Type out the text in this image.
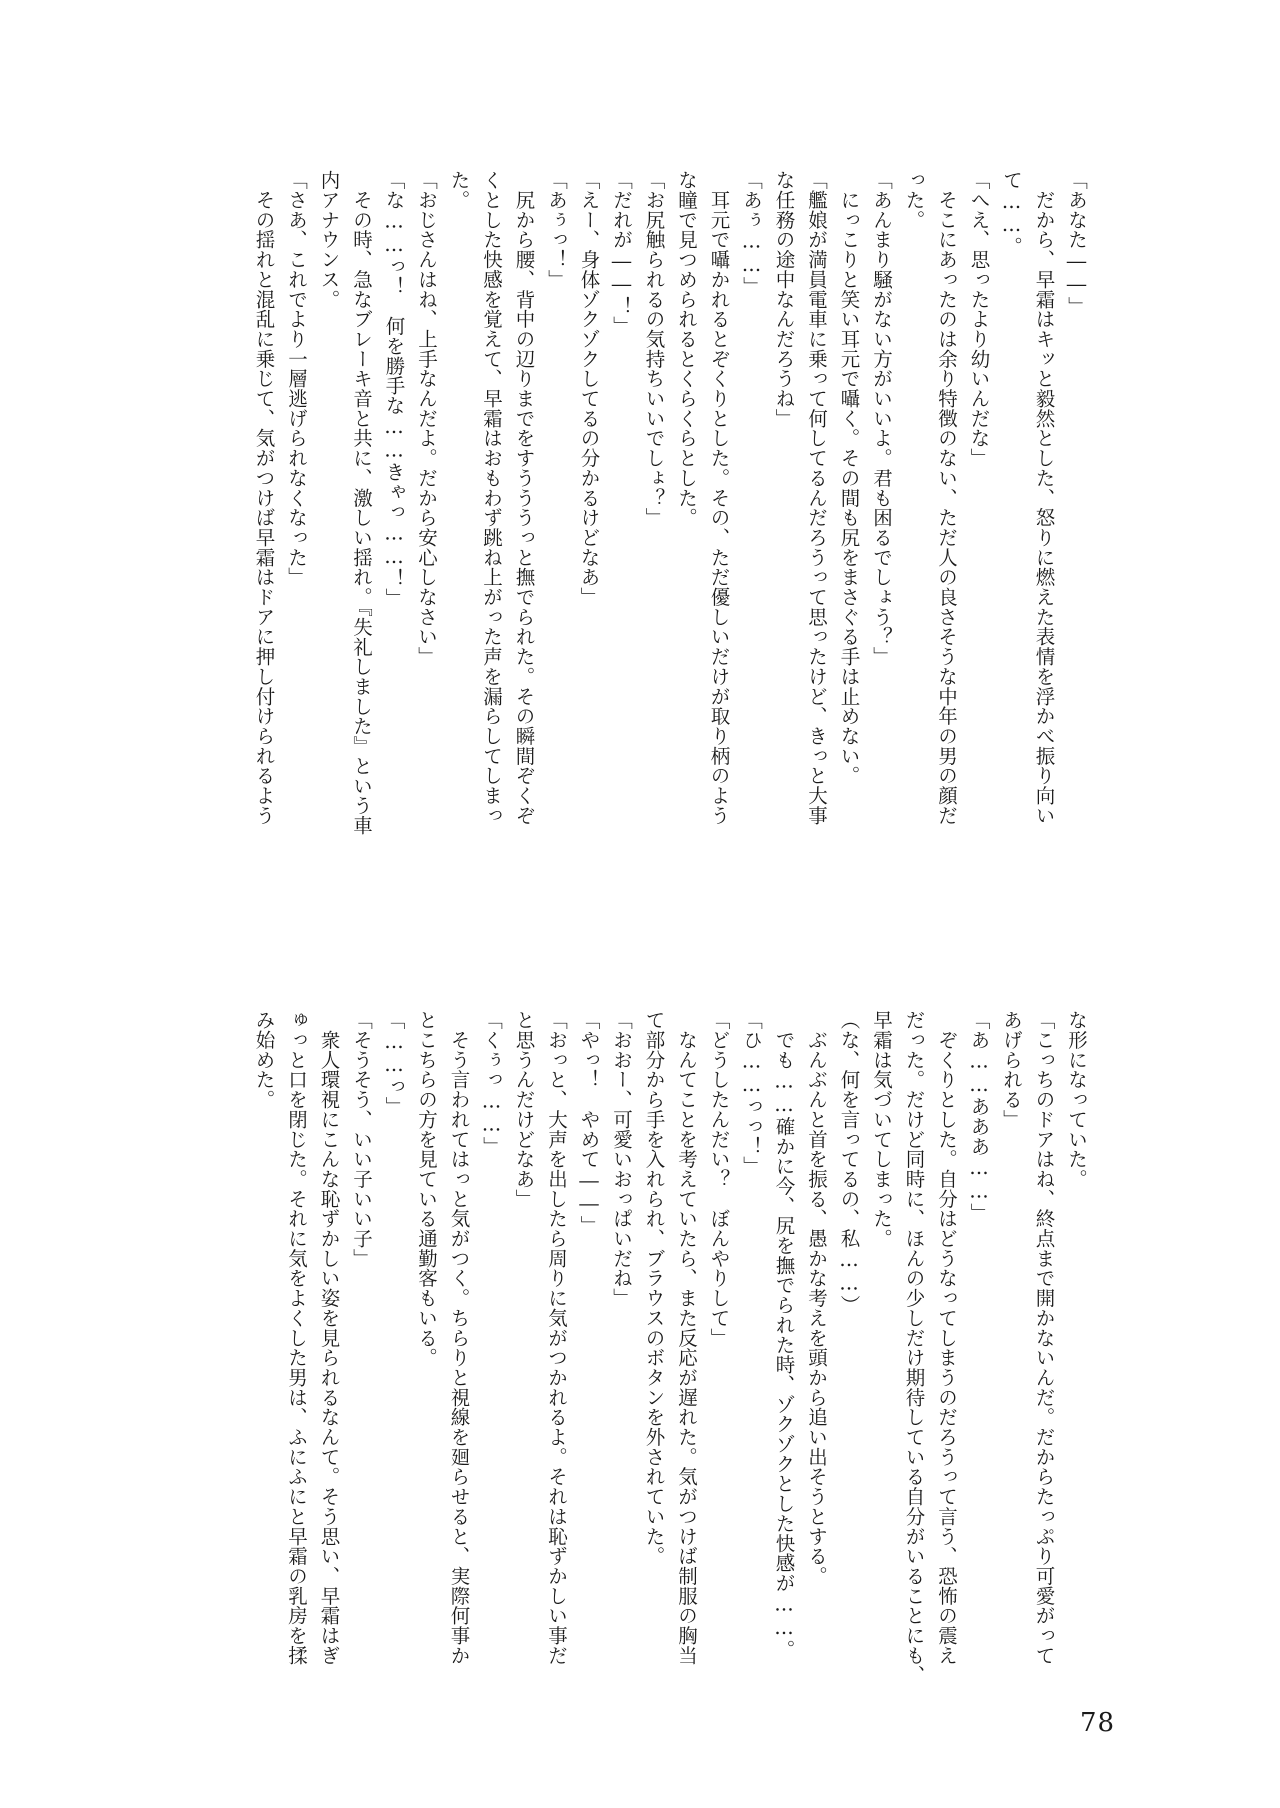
「あなた――」
　だから、早霜はキッと毅然とした、怒りに燃えた表情を浮かべ振り向い
て……。
「へえ、思ったより幼いんだな」
　そこにあったのは余り特徴のない、ただ人の良さそうな中年の男の顔だ
った。
「あんまり騒がない方がいいよ。君も困るでしょう？」
　にっこりと笑い耳元で囁く。その間も尻をまさぐる手は止めない。
「艦娘が満員電車に乗って何してるんだろうって思ったけど、きっと大事
な任務の途中なんだろうね」
「あぅ……」
　耳元で囁かれるとぞくりとした。その、ただ優しいだけが取り柄のよう
な瞳で見つめられるとくらくらとした。
「お尻触られるの気持ちいいでしょ？」
「だれが――！」
「えー、身体ゾクゾクしてるの分かるけどなあ」
「あぅっ！」
　尻から腰、背中の辺りまでをすうううっと撫でられた。その瞬間ぞくぞ
くとした快感を覚えて、早霜はおもわず跳ね上がった声を漏らしてしまっ
た。
「おじさんはね、上手なんだよ。だから安心しなさい」
「な……っ！　何を勝手な……きゃっ……！」
　その時、急なブレーキ音と共に、激しい揺れ。『失礼しました』という車
内アナウンス。
「さあ、これでより一層逃げられなくなった」
　その揺れと混乱に乗じて、気がつけば早霜はドアに押し付けられるよう
な形になっていた。
「こっちのドアはね、終点まで開かないんだ。だからたっぷり可愛がって
あげられる」
「あ……あああ……」
　ぞくりとした。自分はどうなってしまうのだろうって言う、恐怖の震え
だった。だけど同時に、ほんの少しだけ期待している自分がいることにも、
早霜は気づいてしまった。
（な、何を言ってるの、私……）
　ぶんぶんと首を振る、愚かな考えを頭から追い出そうとする。
　でも……確かに今、尻を撫でられた時、ゾクゾクとした快感が……。
「ひ……っっ！」
「どうしたんだい？　ぼんやりして」
　なんてことを考えていたら、また反応が遅れた。気がつけば制服の胸当
て部分から手を入れられ、ブラウスのボタンを外されていた。
「おおー、可愛いおっぱいだね」
「やっ！　やめて――」
「おっと、大声を出したら周りに気がつかれるよ。それは恥ずかしい事だ
と思うんだけどなあ」
「くぅっ……」
　そう言われてはっと気がつく。ちらりと視線を廻らせると、実際何事か
とこちらの方を見ている通勤客もいる。
「……っ」
「そうそう、いい子いい子」
　衆人環視にこんな恥ずかしい姿を見られるなんて。そう思い、早霜はぎ
ゅっと口を閉じた。それに気をよくした男は、ふにふにと早霜の乳房を揉
み始めた。
78
